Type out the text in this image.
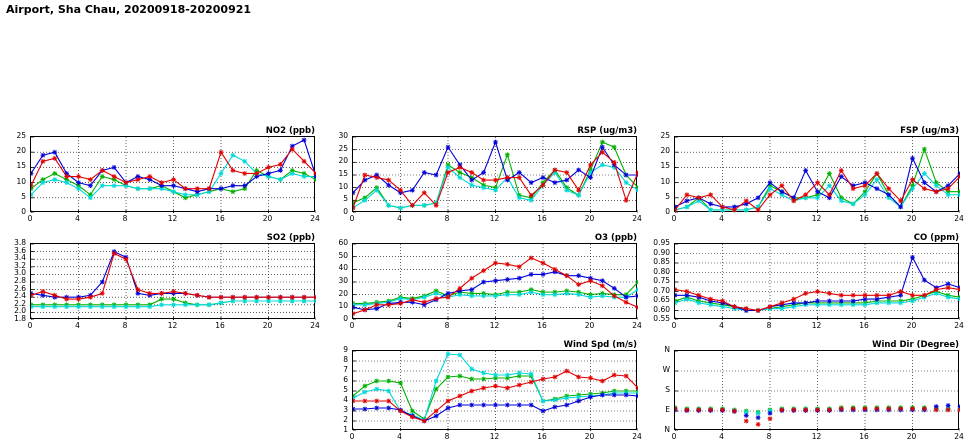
Airport, Sha Chau, 20200918-20200921
NO2 (ppb)
0
5
10
15
20
25
0	4	8	12	16	20	24
RSP (ug/m3)
0
5
10
15
20
25
30
0	4	8	12	16	20	24
FSP (ug/m3)
0
5
10
15
20
25
0	4	8	12	16	20	24
SO2 (ppb)
1.8
2.0
2.2
2.4
2.6
2.8
3.0
3.2
3.4
3.6
3.8
0	4	8	12	16	20	24
O3 (ppb)
0
10
20
30
40
50
60
0	4	8	12	16	20	24
CO (ppm)
0.55
0.60
0.65
0.70
0.75
0.80
0.85
0.90
0.95
0	4	8	12	16	20	24
Wind Spd (m/s)
1
2
3
4
5
6
7
8
9
0	4	8	12	16	20	24
Wind Dir (Degree)
N
E
S
W
N
0	4	8	12	16	20	24
